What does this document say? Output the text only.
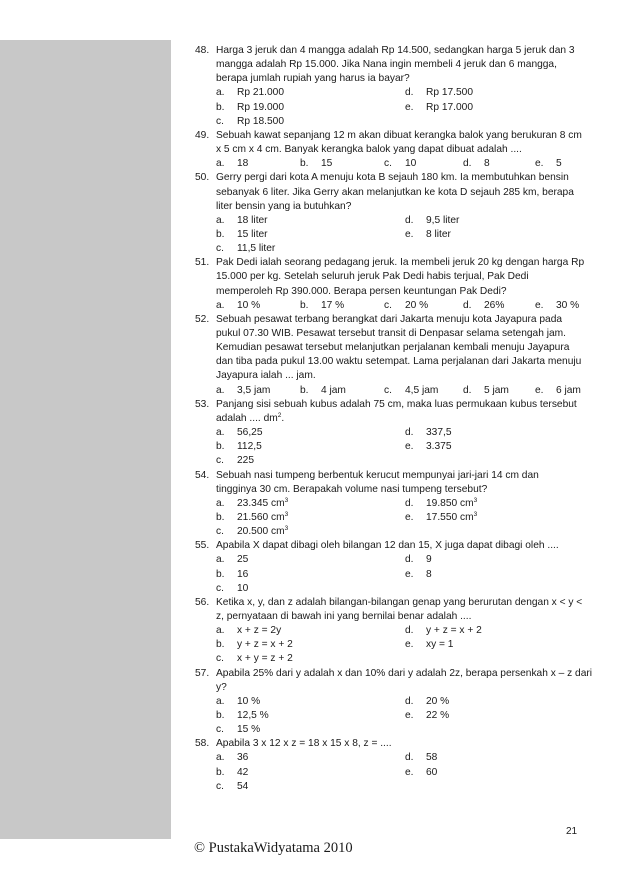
48. Harga 3 jeruk dan 4 mangga adalah Rp 14.500, sedangkan harga 5 jeruk dan 3
mangga adalah Rp 15.000. Jika Nana ingin membeli 4 jeruk dan 6 mangga,
berapa jumlah rupiah yang harus ia bayar?
a. Rp 21.000	d. Rp 17.500
b. Rp 19.000	e. Rp 17.000
c. Rp 18.500
49. Sebuah kawat sepanjang 12 m akan dibuat kerangka balok yang berukuran 8 cm
x 5 cm x 4 cm. Banyak kerangka balok yang dapat dibuat adalah ....
a. 18	b. 15	c. 10	d. 8	e. 5
50. Gerry pergi dari kota A menuju kota B sejauh 180 km. Ia membutuhkan bensin
sebanyak 6 liter. Jika Gerry akan melanjutkan ke kota D sejauh 285 km, berapa
liter bensin yang ia butuhkan?
a. 18 liter	d. 9,5 liter
b. 15 liter	e. 8 liter
c. 11,5 liter
51. Pak Dedi ialah seorang pedagang jeruk. Ia membeli jeruk 20 kg dengan harga Rp
15.000 per kg. Setelah seluruh jeruk Pak Dedi habis terjual, Pak Dedi
memperoleh Rp 390.000. Berapa persen keuntungan Pak Dedi?
a. 10 %	b. 17 %	c. 20 %	d. 26%	e. 30 %
52. Sebuah pesawat terbang berangkat dari Jakarta menuju kota Jayapura pada
pukul 07.30 WIB. Pesawat tersebut transit di Denpasar selama setengah jam.
Kemudian pesawat tersebut melanjutkan perjalanan kembali menuju Jayapura
dan tiba pada pukul 13.00 waktu setempat. Lama perjalanan dari Jakarta menuju
Jayapura ialah ... jam.
a. 3,5 jam	b. 4 jam	c. 4,5 jam d. 5 jam	e. 6 jam
53. Panjang sisi sebuah kubus adalah 75 cm, maka luas permukaan kubus tersebut
adalah .... $dm^2$.
a. 56,25	d. 337,5
b. 112,5	e. 3.375
c. 225
54. Sebuah nasi tumpeng berbentuk kerucut mempunyai jari-jari 14 cm dan
tingginya 30 cm. Berapakah volume nasi tumpeng tersebut?
a. 23.345 $cm^3$	d. 19.850 $cm^3$
b. 21.560 $cm^3$	e. 17.550 $cm^3$
c. 20.500 $cm^3$
55. Apabila X dapat dibagi oleh bilangan 12 dan 15, X juga dapat dibagi oleh ....
a. 25	d. 9
b. 16	e. 8
c. 10
56. Ketika x, y, dan z adalah bilangan-bilangan genap yang berurutan dengan x < y <
z, pernyataan di bawah ini yang bernilai benar adalah ....
a. x + z = 2y	d. y + z = x + 2
b. y + z = x + 2	e. xy = 1
c. x + y = z + 2
57. Apabila 25% dari y adalah x dan 10% dari y adalah 2z, berapa persenkah x – z dari
y?
a. 10 %	d. 20 %
b. 12,5 %	e. 22 %
c. 15 %
58. Apabila 3 x 12 x z = 18 x 15 x 8, z = ....
a. 36	d. 58
b. 42	e. 60
c. 54
21
© PustakaWidyatama 2010
